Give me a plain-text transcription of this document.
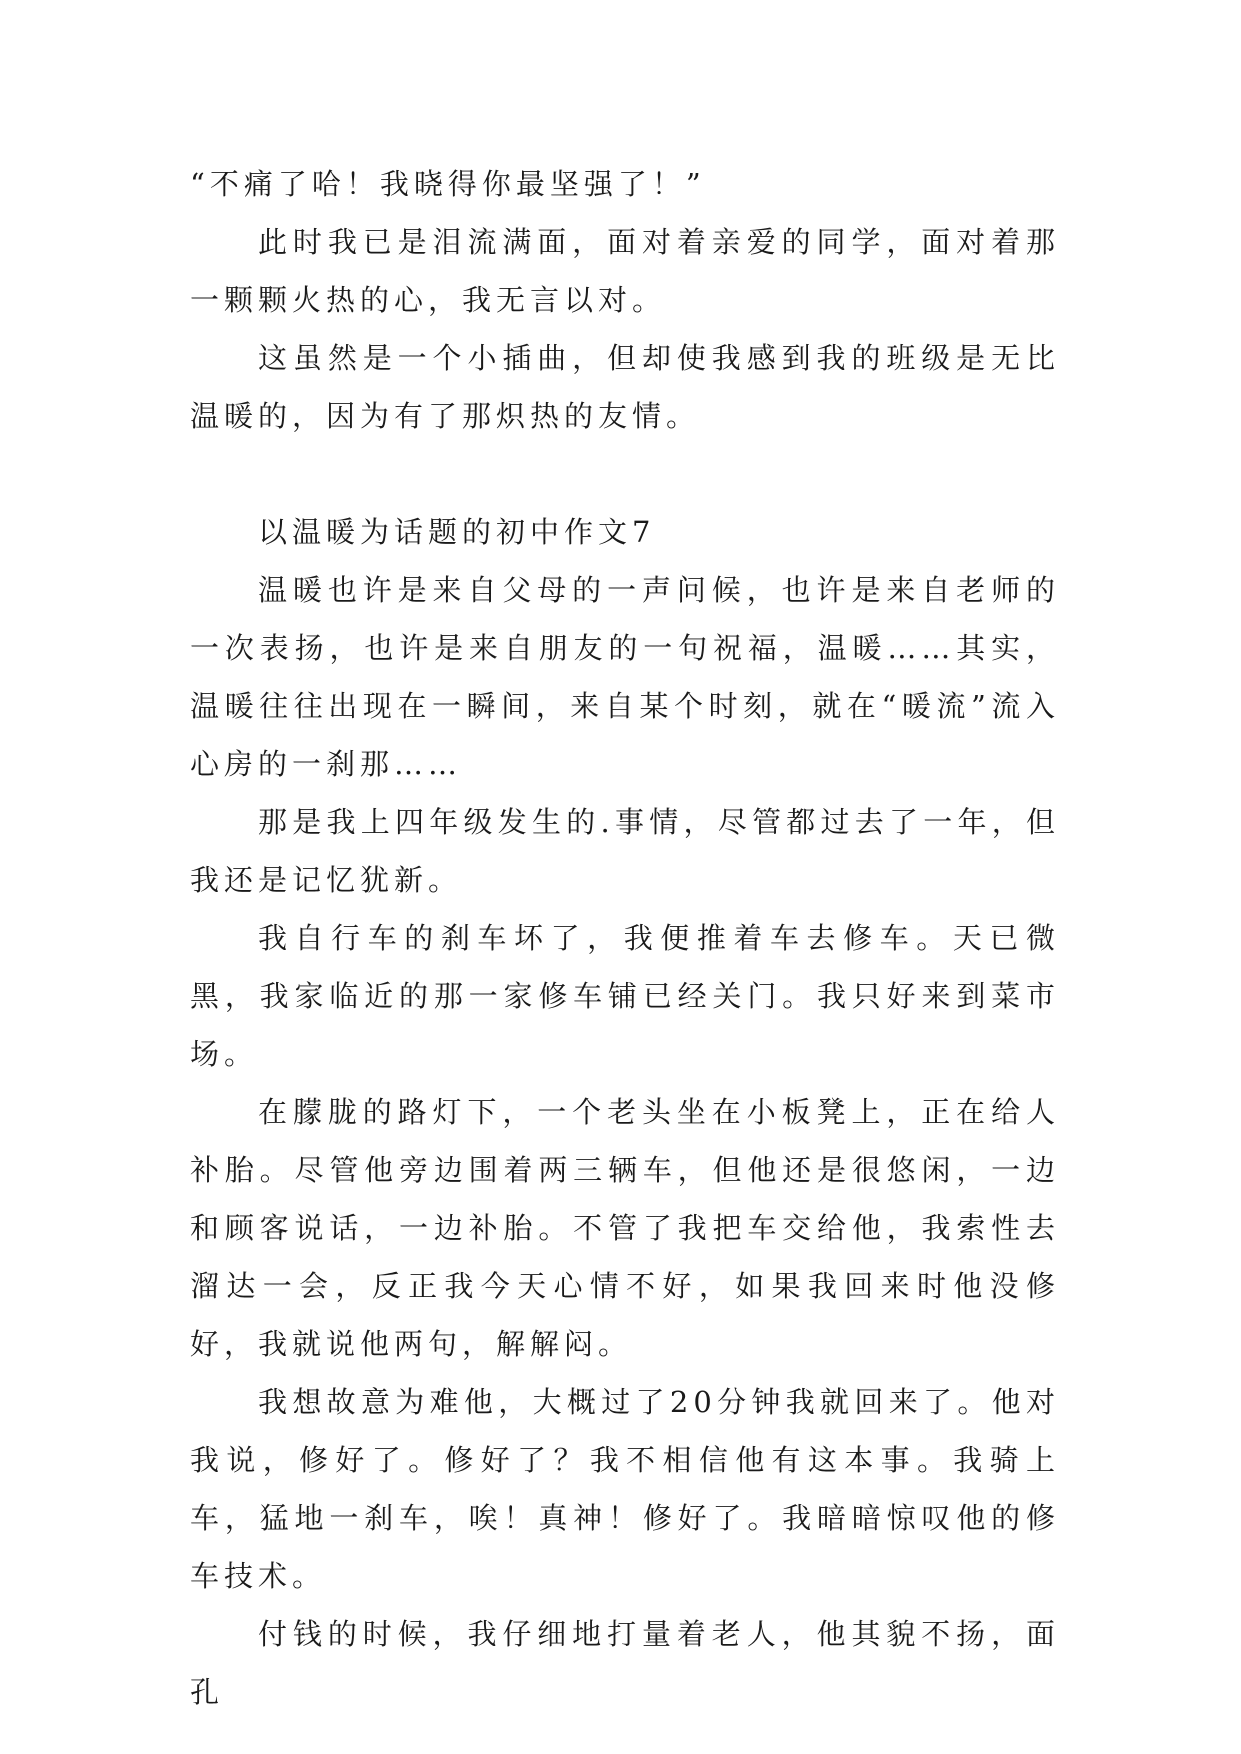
“不痛了哈！我晓得你最坚强了！”

此时我已是泪流满面，面对着亲爱的同学，面对着那一颗颗火热的心，我无言以对。

这虽然是一个小插曲，但却使我感到我的班级是无比温暖的，因为有了那炽热的友情。

以温暖为话题的初中作文7

温暖也许是来自父母的一声问候，也许是来自老师的一次表扬，也许是来自朋友的一句祝福，温暖……其实，温暖往往出现在一瞬间，来自某个时刻，就在“暖流”流入心房的一刹那……

那是我上四年级发生的.事情，尽管都过去了一年，但我还是记忆犹新。

我自行车的刹车坏了，我便推着车去修车。天已微黑，我家临近的那一家修车铺已经关门。我只好来到菜市场。

在朦胧的路灯下，一个老头坐在小板凳上，正在给人补胎。尽管他旁边围着两三辆车，但他还是很悠闲，一边和顾客说话，一边补胎。不管了我把车交给他，我索性去溜达一会，反正我今天心情不好，如果我回来时他没修好，我就说他两句，解解闷。

我想故意为难他，大概过了20分钟我就回来了。他对我说，修好了。修好了？我不相信他有这本事。我骑上车，猛地一刹车，唉！真神！修好了。我暗暗惊叹他的修车技术。

付钱的时候，我仔细地打量着老人，他其貌不扬，面孔
